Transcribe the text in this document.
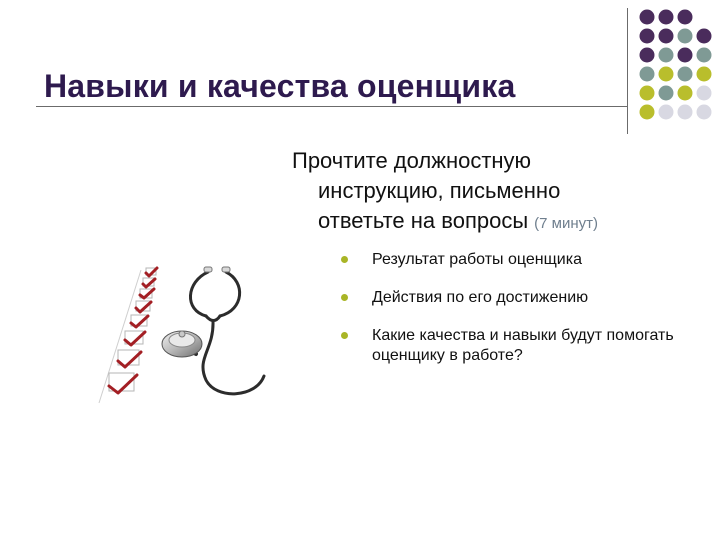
Навыки и качества оценщика
Прочтите должностную
инструкцию, письменно
ответьте на вопросы (7 минут)
Результат работы оценщика
Действия по его достижению
Какие качества и навыки будут помогать оценщику в работе?
